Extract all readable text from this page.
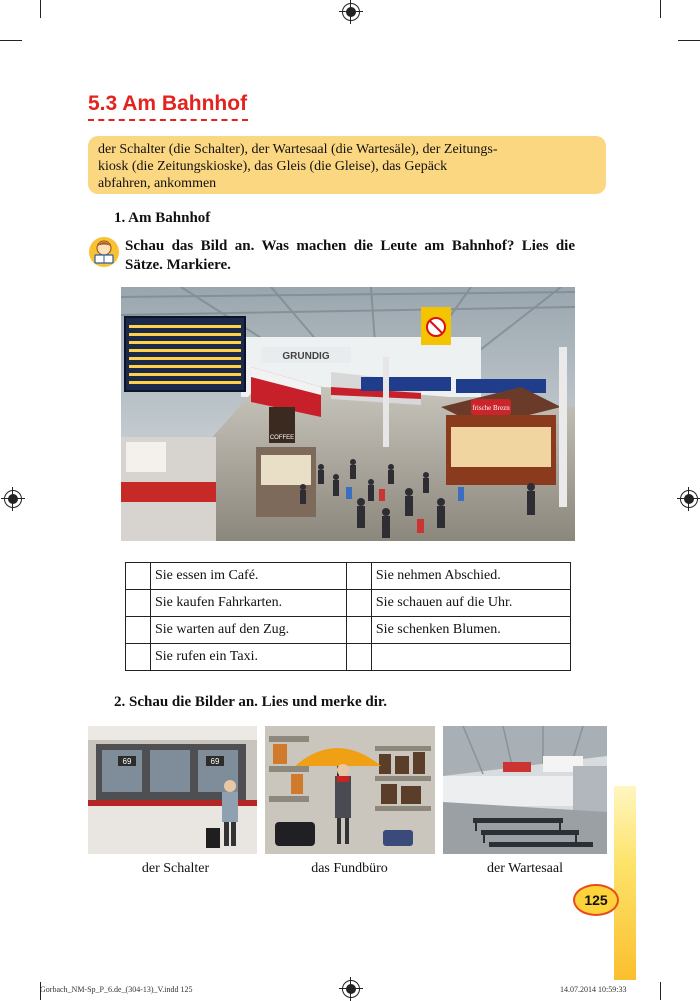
5.3 Am Bahnhof
der Schalter (die Schalter), der Wartesaal (die Wartesäle), der Zeitungs-
kiosk (die Zeitungskioske), das Gleis (die Gleise), das Gepäck
abfahren, ankommen
1. Am Bahnhof
Schau das Bild an. Was machen die Leute am Bahnhof? Lies die Sätze. Markiere.
GRUNDIG
COFFEE
frische Brezn
	Sie essen im Café.		Sie nehmen Abschied.
	Sie kaufen Fahrkarten.		Sie schauen auf die Uhr.
	Sie warten auf den Zug.		Sie schenken Blumen.
	Sie rufen ein Taxi.		
2. Schau die Bilder an. Lies und merke dir.
69	69
der Schalter	das Fundbüro	der Wartesaal
125
Gorbach_NM-Sp_P_6.de_(304-13)_V.indd 125	14.07.2014 10:59:33
